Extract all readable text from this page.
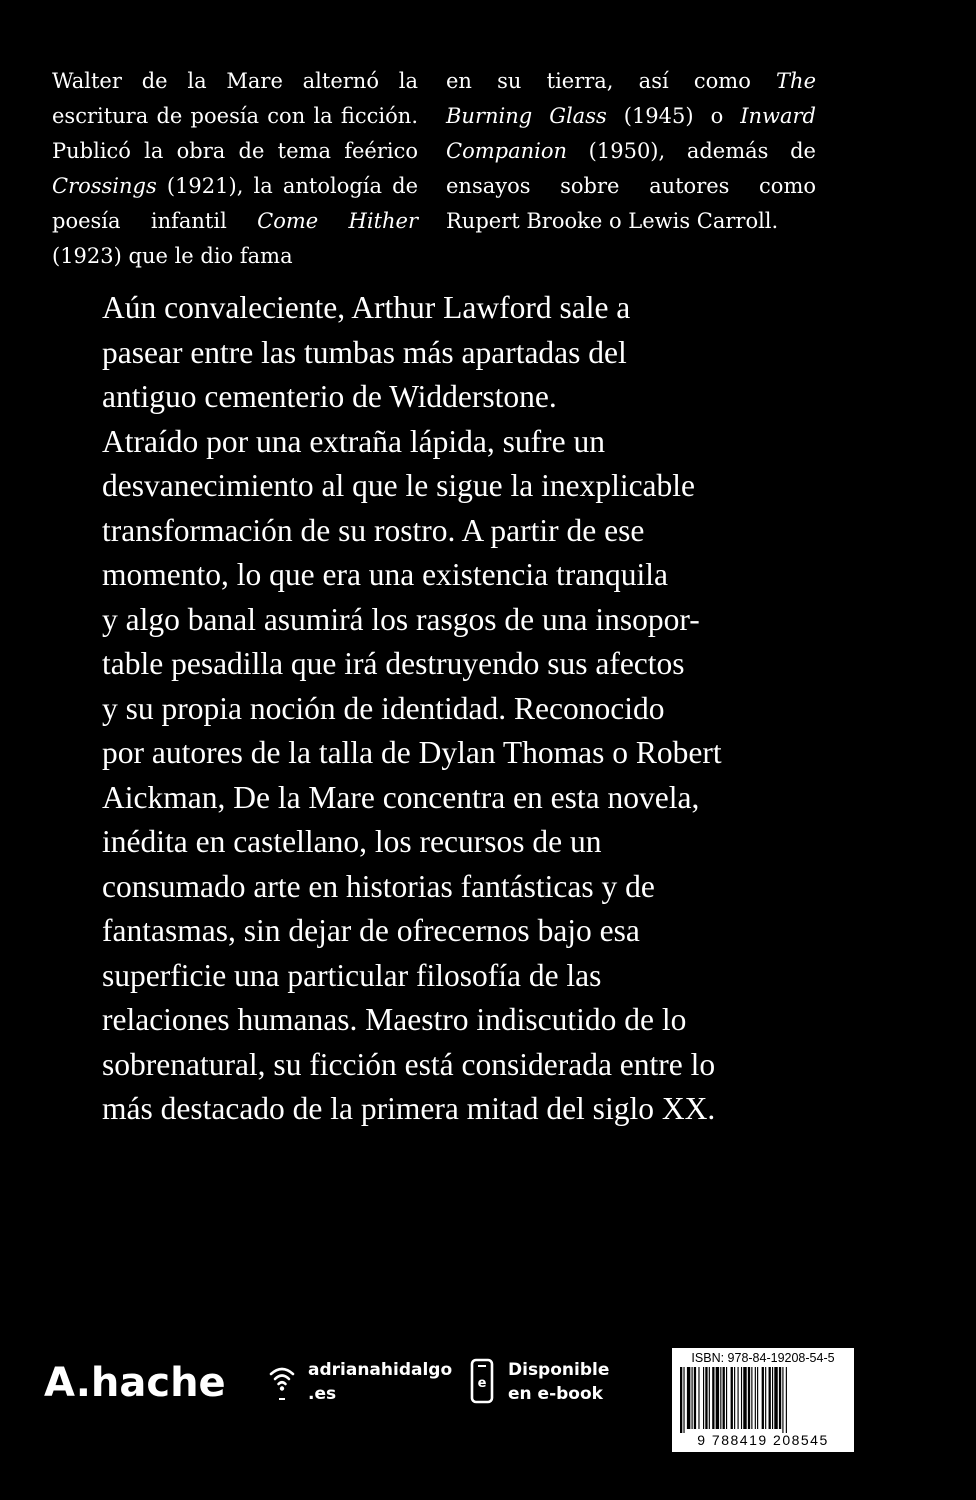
Walter de la Mare alternó la escritura de poesía con la ficción. Publicó la obra de tema feérico Crossings (1921), la antología de poesía infantil Come Hither (1923) que le dio fama

en su tierra, así como The Burning Glass (1945) o Inward Companion (1950), además de ensayos sobre autores como Rupert Brooke o Lewis Carroll.

Aún convaleciente, Arthur Lawford sale a
pasear entre las tumbas más apartadas del
antiguo cementerio de Widderstone.
Atraído por una extraña lápida, sufre un
desvanecimiento al que le sigue la inexplicable
transformación de su rostro. A partir de ese
momento, lo que era una existencia tranquila
y algo banal asumirá los rasgos de una insopor-
table pesadilla que irá destruyendo sus afectos
y su propia noción de identidad. Reconocido
por autores de la talla de Dylan Thomas o Robert
Aickman, De la Mare concentra en esta novela,
inédita en castellano, los recursos de un
consumado arte en historias fantásticas y de
fantasmas, sin dejar de ofrecernos bajo esa
superficie una particular filosofía de las
relaciones humanas. Maestro indiscutido de lo
sobrenatural, su ficción está considerada entre lo
más destacado de la primera mitad del siglo XX.
A.hache	adrianahidalgo
.es
e
Disponible
en e-book
ISBN: 978-84-19208-54-5
9 788419 208545
